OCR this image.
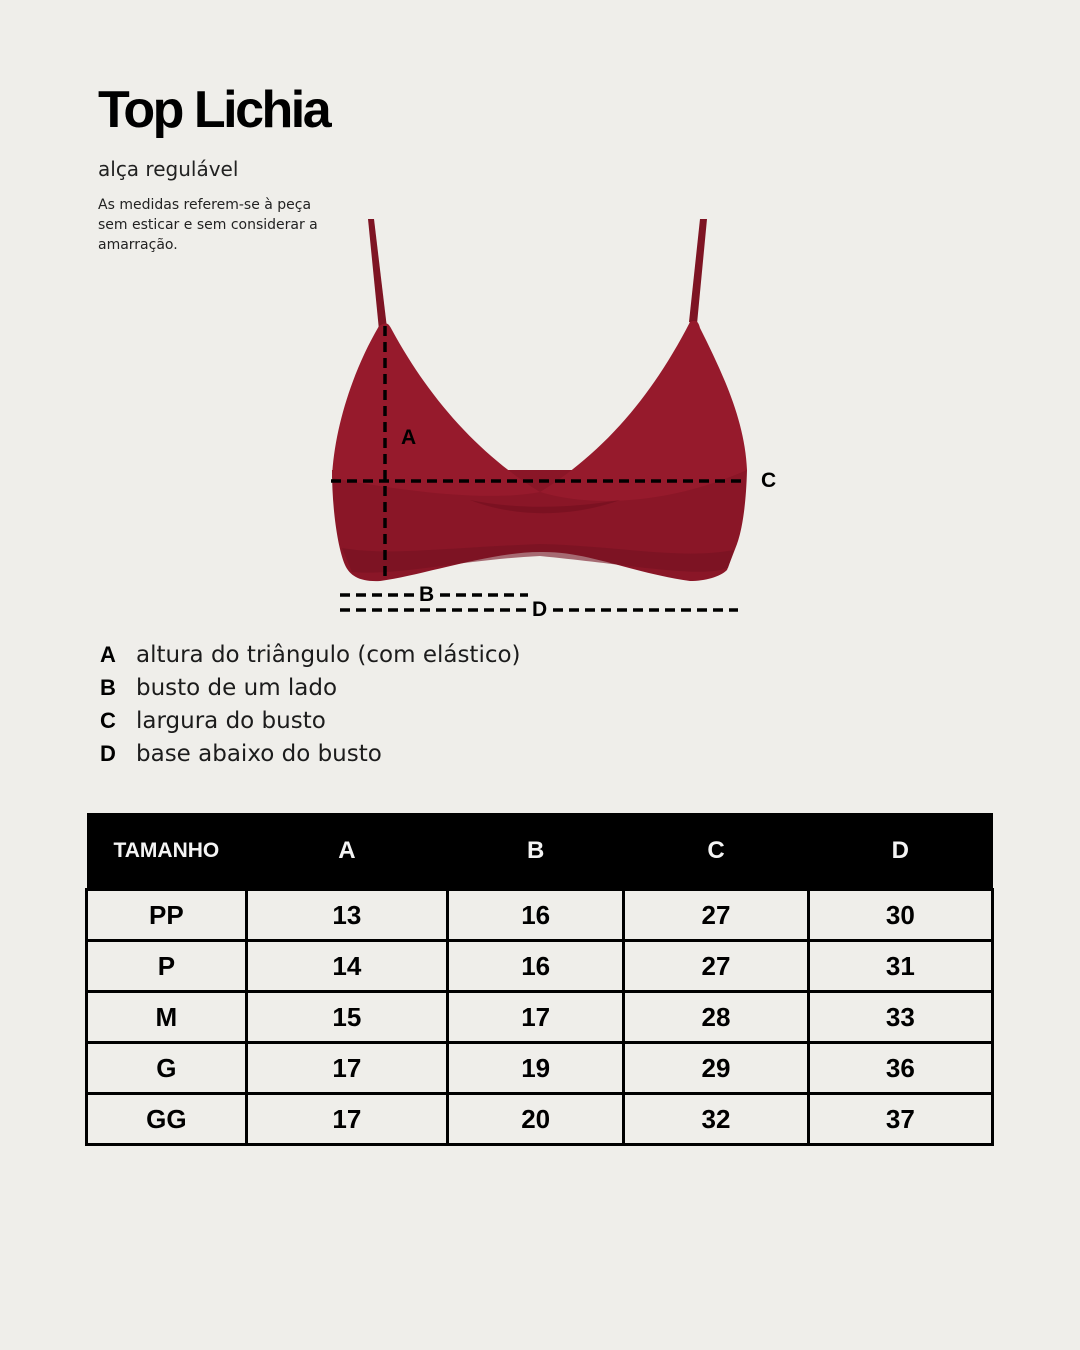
Top Lichia
alça regulável
As medidas referem-se à peça sem esticar e sem considerar a amarração.
A
C
B
D
A altura do triângulo (com elástico)
B busto de um lado
C largura do busto
D base abaixo do busto
TAMANHO	A	B	C	D
PP	13	16	27	30
P	14	16	27	31
M	15	17	28	33
G	17	19	29	36
GG	17	20	32	37
